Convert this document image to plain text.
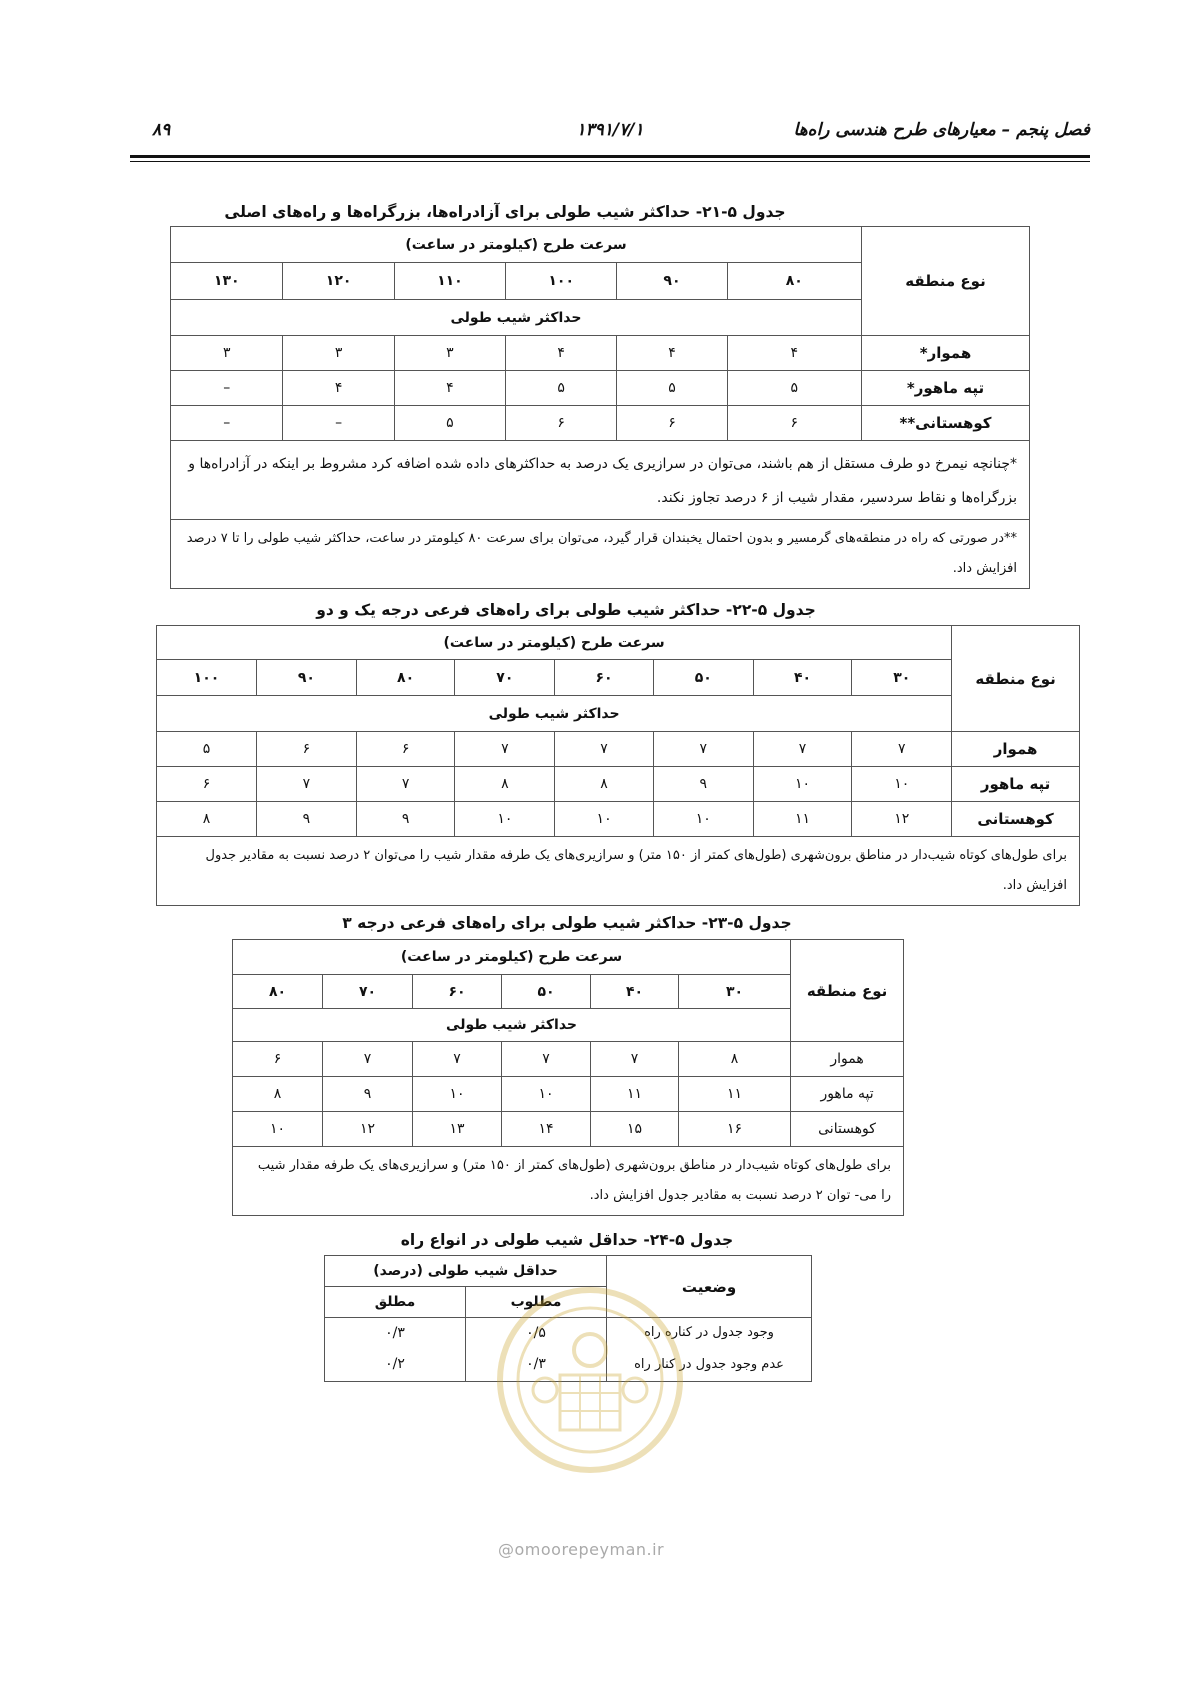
فصل پنجم – معیارهای طرح هندسی راه‌ها
۱۳۹۱/۷/۱
۸۹
جدول ۵-۲۱- حداکثر شیب طولی برای آزادراه‌ها، بزرگراه‌ها و راه‌های اصلی
نوع منطقه	سرعت طرح (کیلومتر در ساعت)					
	۸۰	۹۰	۱۰۰	۱۱۰	۱۲۰	۱۳۰
	حداکثر شیب طولی					
هموار*	۴	۴	۴	۳	۳	۳
تپه ماهور*	۵	۵	۵	۴	۴	–
کوهستانی**	۶	۶	۶	۵	–	–
*چنانچه نیمرخ دو طرف مستقل از هم باشند، می‌توان در سرازیری یک درصد به حداکثرهای داده شده اضافه کرد مشروط بر اینکه در آزادراه‌ها و بزرگراه‌ها و نقاط سردسیر، مقدار شیب از ۶ درصد تجاوز نکند.						
**در صورتی که راه در منطقه‌های گرمسیر و بدون احتمال یخبندان قرار گیرد، می‌توان برای سرعت ۸۰ کیلومتر در ساعت، حداکثر شیب طولی را تا ۷ درصد افزایش داد.						
جدول ۵-۲۲- حداکثر شیب طولی برای راه‌های فرعی درجه یک و دو
نوع منطقه	سرعت طرح (کیلومتر در ساعت)							
	۳۰	۴۰	۵۰	۶۰	۷۰	۸۰	۹۰	۱۰۰
	حداکثر شیب طولی							
هموار	۷	۷	۷	۷	۷	۶	۶	۵
تپه ماهور	۱۰	۱۰	۹	۸	۸	۷	۷	۶
کوهستانی	۱۲	۱۱	۱۰	۱۰	۱۰	۹	۹	۸
برای طول‌های کوتاه شیب‌دار در مناطق برون‌شهری (طول‌های کمتر از ۱۵۰ متر) و سرازیری‌های یک طرفه مقدار شیب را می‌توان ۲ درصد نسبت به مقادیر جدول افزایش داد.								
جدول ۵-۲۳- حداکثر شیب طولی برای راه‌های فرعی درجه ۳
نوع منطقه	سرعت طرح (کیلومتر در ساعت)					
	۳۰	۴۰	۵۰	۶۰	۷۰	۸۰
	حداکثر شیب طولی					
هموار	۸	۷	۷	۷	۷	۶
تپه ماهور	۱۱	۱۱	۱۰	۱۰	۹	۸
کوهستانی	۱۶	۱۵	۱۴	۱۳	۱۲	۱۰
برای طول‌های کوتاه شیب‌دار در مناطق برون‌شهری (طول‌های کمتر از ۱۵۰ متر) و سرازیری‌های یک طرفه مقدار شیب را می- توان ۲ درصد نسبت به مقادیر جدول افزایش داد.						
جدول ۵-۲۴- حداقل شیب طولی در انواع راه
وضعیت	حداقل شیب طولی (درصد)	
	مطلوب	مطلق
وجود جدول در کناره راه	۰/۵	۰/۳
عدم وجود جدول در کنار راه	۰/۳	۰/۲
@omoorepeyman.ir
